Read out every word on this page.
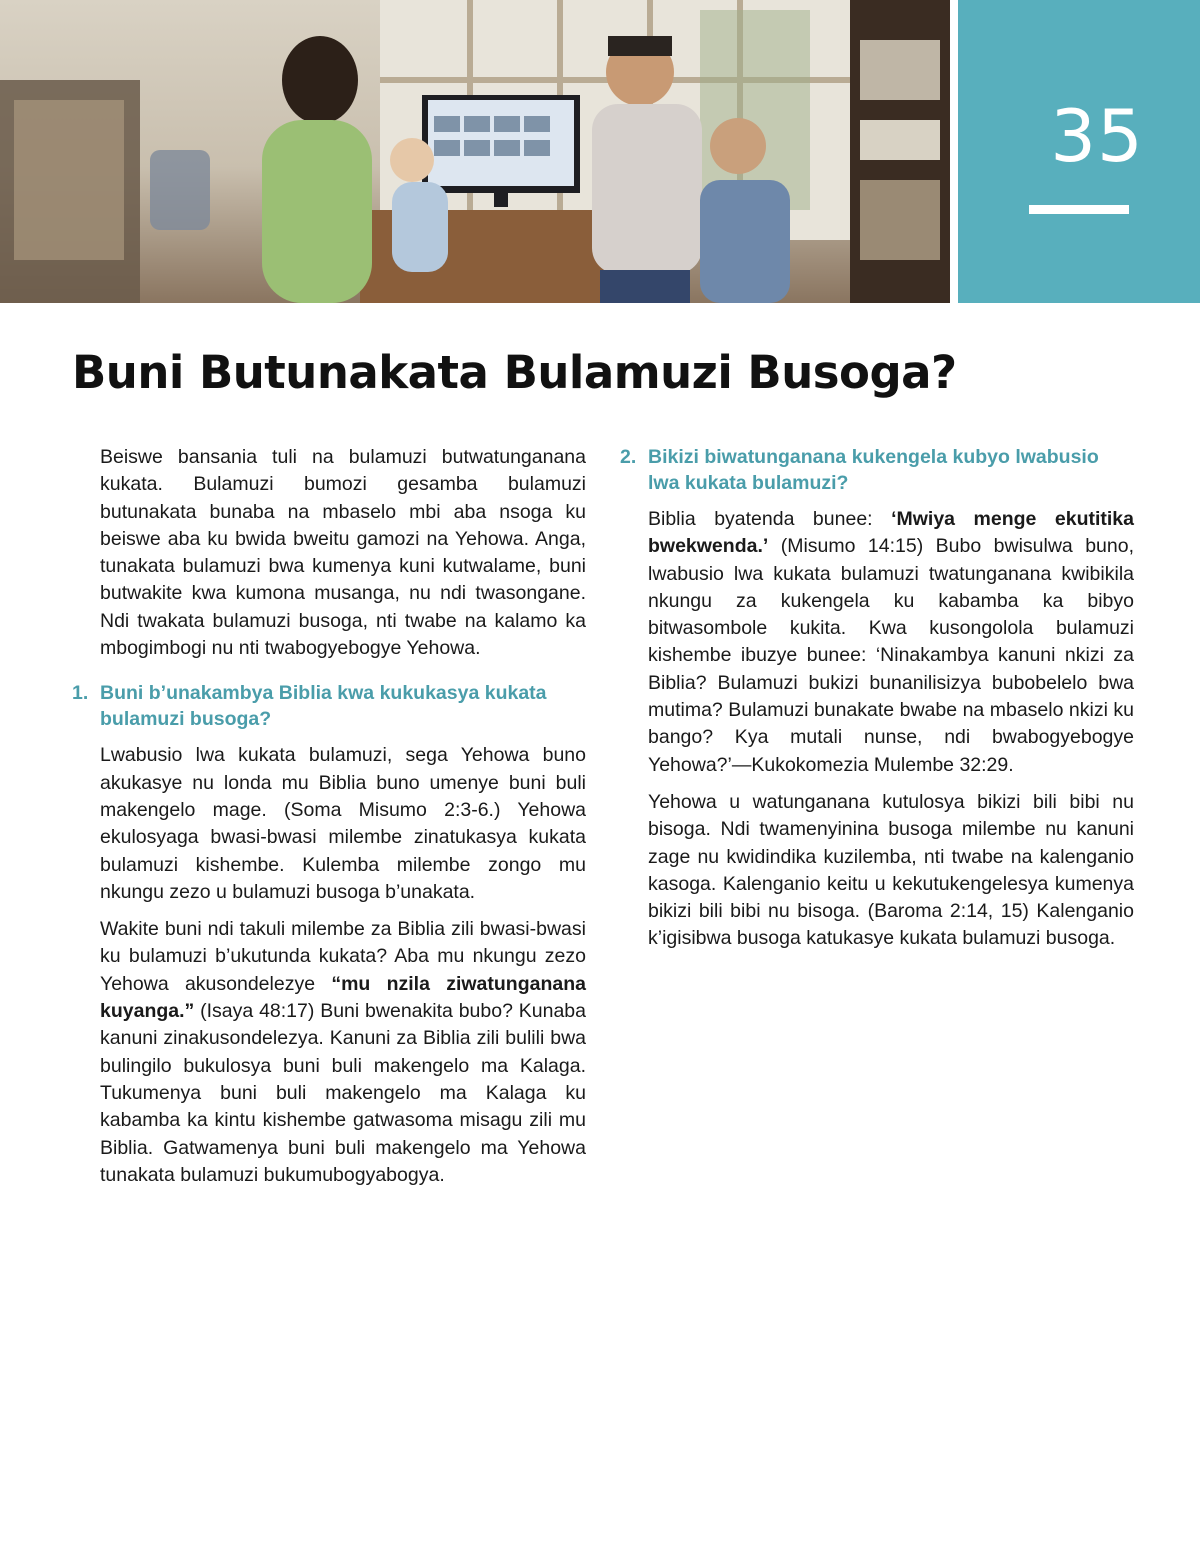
35
Buni Butunakata Bulamuzi Busoga?

Beiswe bansania tuli na bulamuzi butwatunganana kukata. Bulamuzi bumozi gesamba bulamuzi butunakata bunaba na mbaselo mbi aba nsoga ku beiswe aba ku bwida bweitu gamozi na Yehowa. Anga, tunakata bulamuzi bwa kumenya kuni kutwalame, buni butwakite kwa kumona musanga, nu ndi twasongane. Ndi twakata bulamuzi busoga, nti twabe na kalamo ka mbogimbogi nu nti twabogyebogye Yehowa.

1. Buni b’unakambya Biblia kwa kukukasya kukata bulamuzi busoga?

Lwabusio lwa kukata bulamuzi, sega Yehowa buno akukasye nu londa mu Biblia buno umenye buni buli makengelo mage. (Soma Misumo 2:3-6.) Yehowa ekulosyaga bwasi-bwasi milembe zinatukasya kukata bulamuzi kishembe. Kulemba milembe zongo mu nkungu zezo u bulamuzi busoga b’unakata.

Wakite buni ndi takuli milembe za Biblia zili bwasi-bwasi ku bulamuzi b’ukutunda kukata? Aba mu nkungu zezo Yehowa akusondelezye “mu nzila ziwatunganana kuyanga.” (Isaya 48:17) Buni bwenakita bubo? Kunaba kanuni zinakusondelezya. Kanuni za Biblia zili bulili bwa bulingilo bukulosya buni buli makengelo ma Kalaga. Tukumenya buni buli makengelo ma Kalaga ku kabamba ka kintu kishembe gatwasoma misagu zili mu Biblia. Gatwamenya buni buli makengelo ma Yehowa tunakata bulamuzi bukumubogyabogya.

2. Bikizi biwatunganana kukengela kubyo lwabusio lwa kukata bulamuzi?

Biblia byatenda bunee: ‘Mwiya menge ekutitika bwekwenda.’ (Misumo 14:15) Bubo bwisulwa buno, lwabusio lwa kukata bulamuzi twatunganana kwibikila nkungu za kukengela ku kabamba ka bibyo bitwasombole kukita. Kwa kusongolola bulamuzi kishembe ibuzye bunee: ‘Ninakambya kanuni nkizi za Biblia? Bulamuzi bukizi bunanilisizya bubobelelo bwa mutima? Bulamuzi bunakate bwabe na mbaselo nkizi ku bango? Kya mutali nunse, ndi bwabogyebogye Yehowa?’—Kukokomezia Mulembe 32:29.

Yehowa u watunganana kutulosya bikizi bili bibi nu bisoga. Ndi twamenyinina busoga milembe nu kanuni zage nu kwidindika kuzilemba, nti twabe na kalenganio kasoga. Kalenganio keitu u kekutukengelesya kumenya bikizi bili bibi nu bisoga. (Baroma 2:14, 15) Kalenganio k’igisibwa busoga katukasye kukata bulamuzi busoga.
